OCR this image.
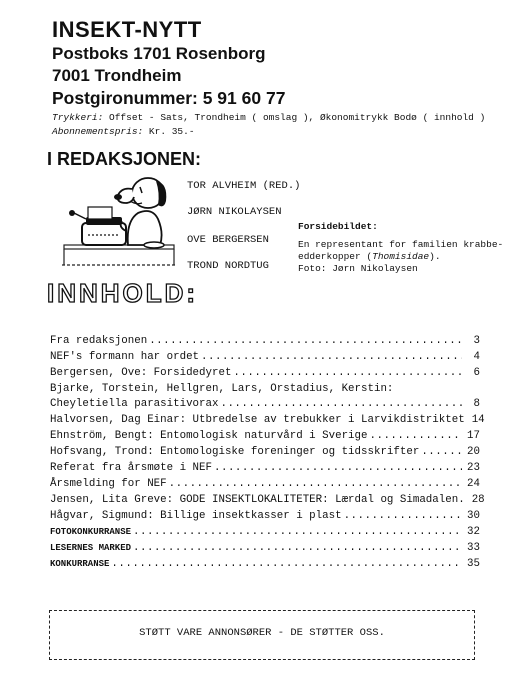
INSEKT-NYTT
Postboks 1701 Rosenborg
7001 Trondheim
Postgironummer: 5 91 60 77
Trykkeri: Offset - Sats, Trondheim ( omslag ), Økonomitrykk Bodø ( innhold )
Abonnementspris: Kr. 35.-
I REDAKSJONEN:
TOR ALVHEIM (RED.)
JØRN NIKOLAYSEN
OVE BERGERSEN
TROND NORDTUG
Forsidebildet:
En representant for familien krabbe-
edderkopper (Thomisidae).
Foto: Jørn Nikolaysen
INNHOLD:
Fra redaksjonen .....	3
NEF's formann har ordet .....	4
Bergersen, Ove: Forsidedyret .....	6
Bjarke, Torstein, Hellgren, Lars, Orstadius, Kerstin:
Cheyletiella parasitivorax .....	8
Halvorsen, Dag Einar: Utbredelse av trebukker i Larvikdistriktet 14
Ehnström, Bengt: Entomologisk naturvård i Sverige .....	17
Hofsvang, Trond: Entomologiske foreninger og tidsskrifter .....	20
Referat fra årsmøte i NEF .....	23
Årsmelding for NEF .....	24
Jensen, Lita Greve: GODE INSEKTLOKALITETER: Lærdal og Simadalen. 28
Hågvar, Sigmund: Billige insektkasser i plast .....	30
FOTOKONKURRANSE .....	32
LESERNES MARKED .....	33
KONKURRANSE .....	35
STØTT VARE ANNONSØRER - DE STØTTER OSS.
